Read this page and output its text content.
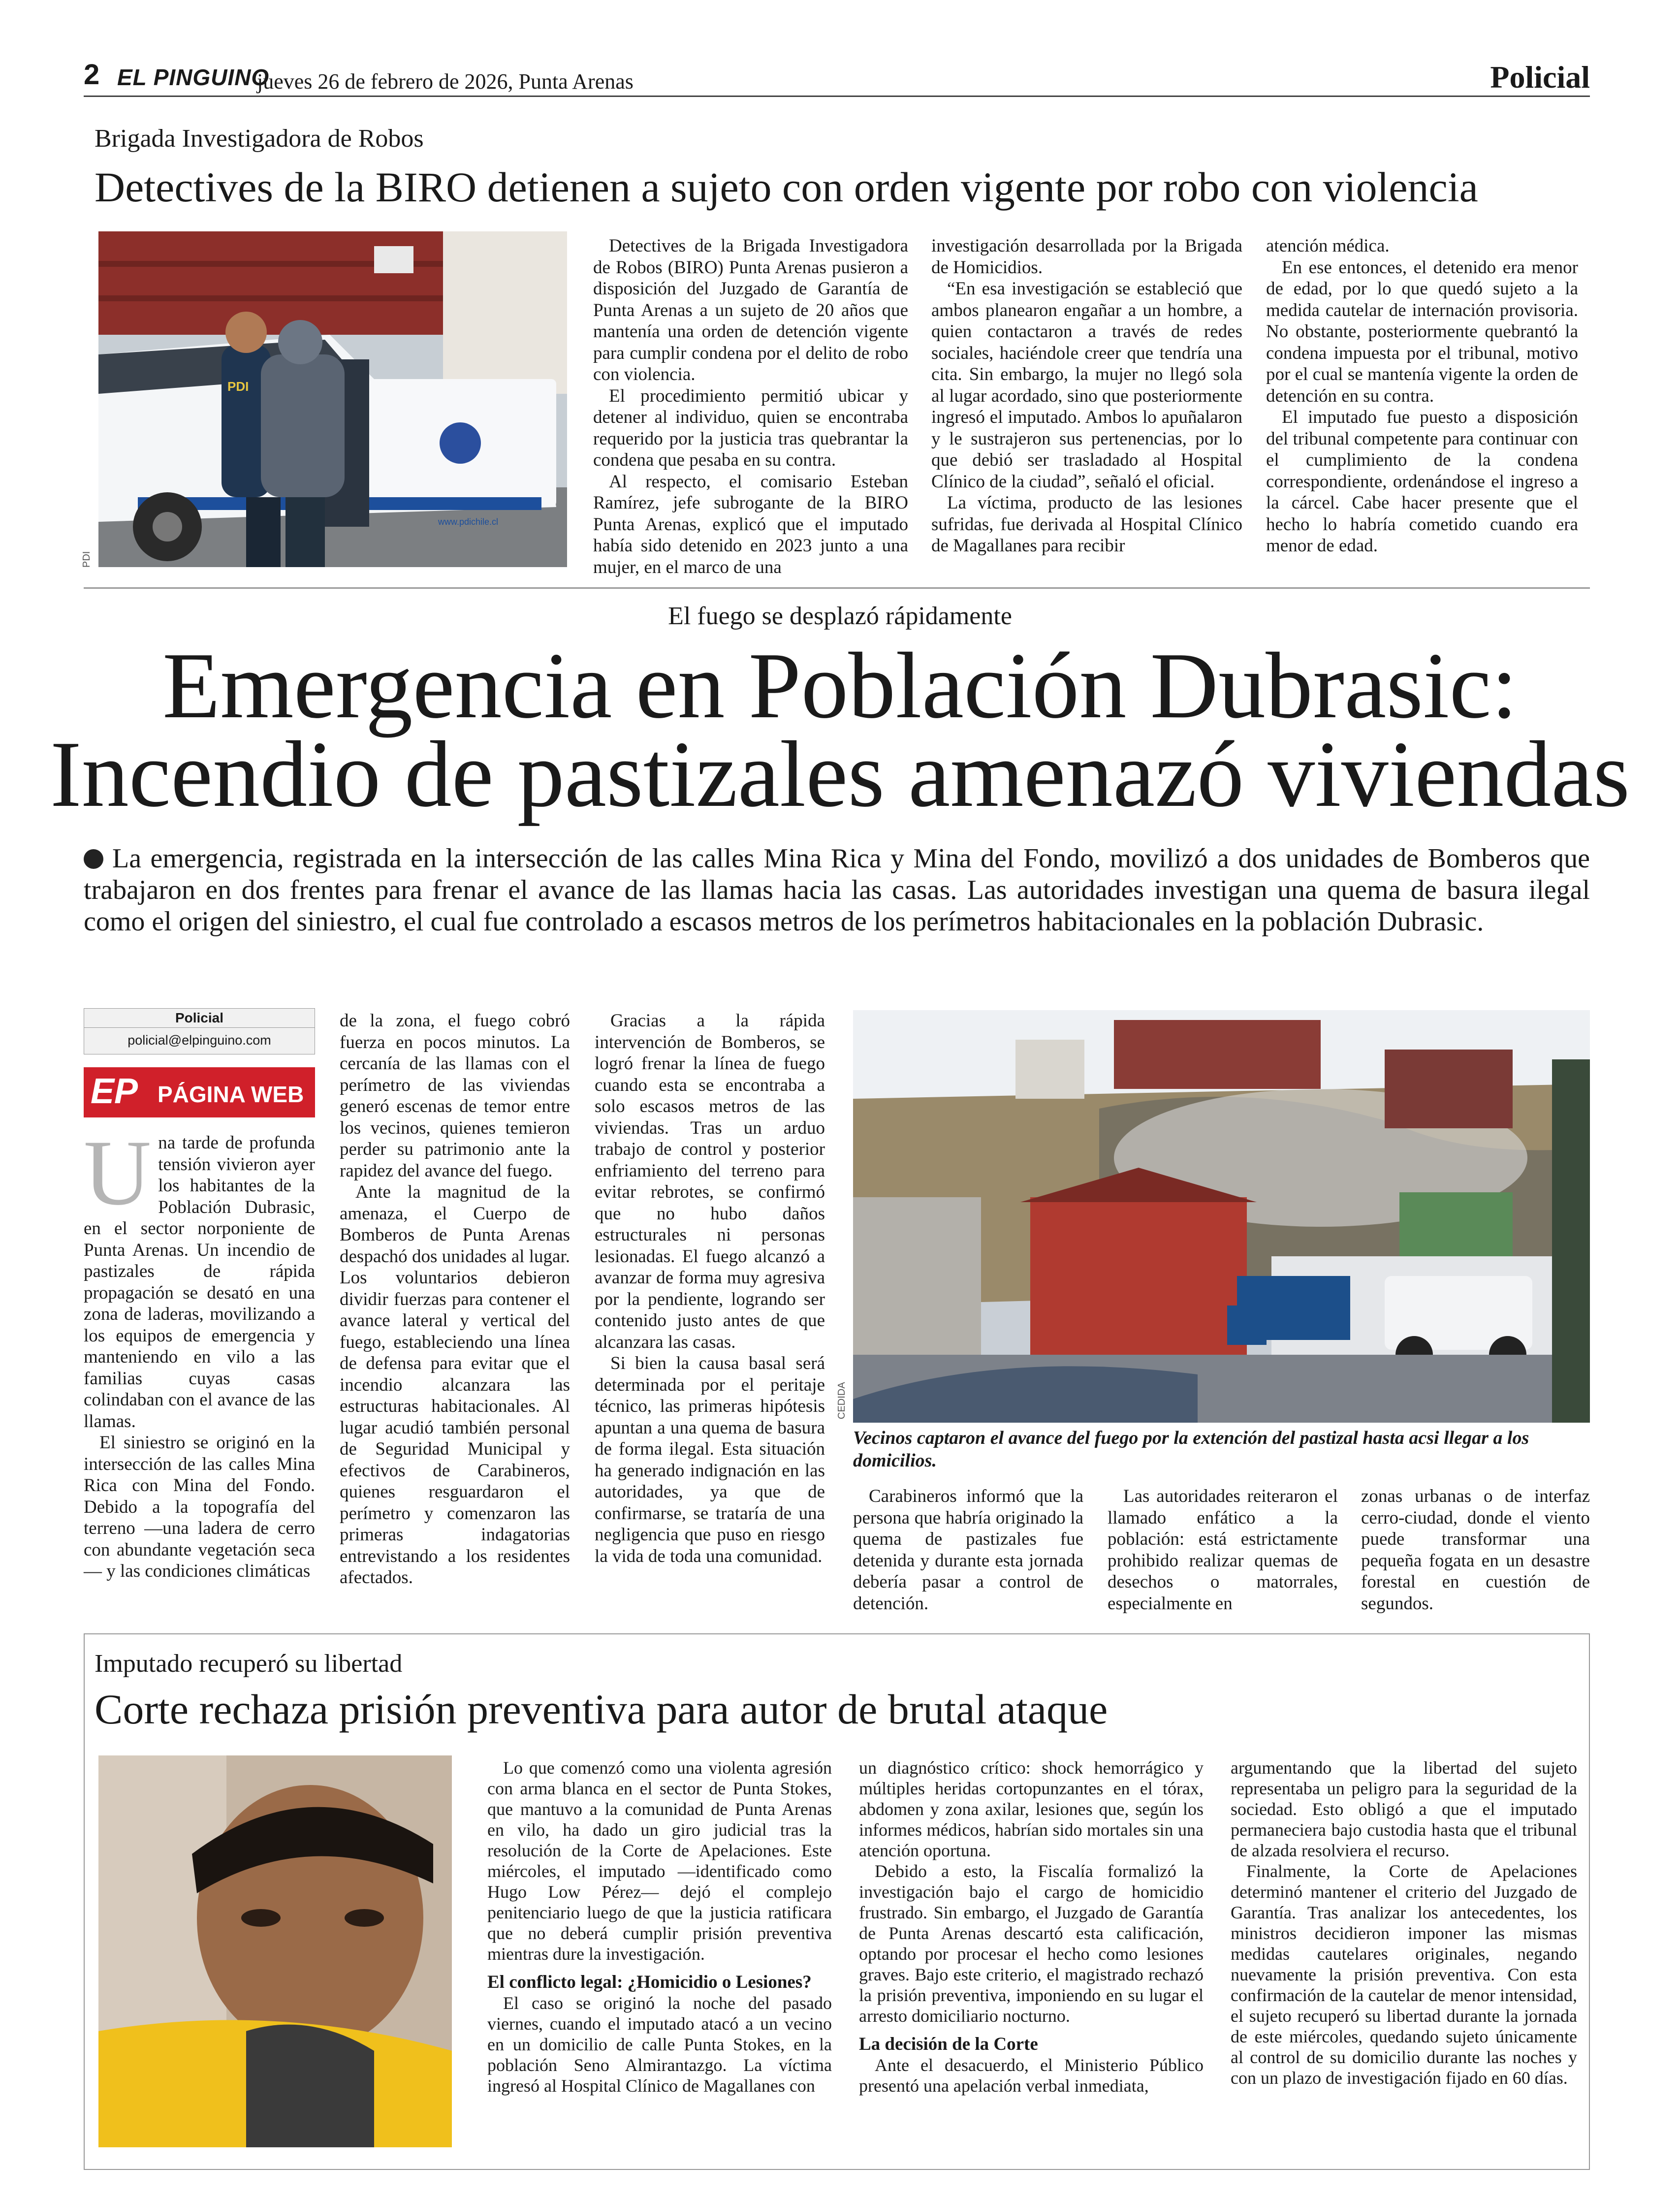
2 EL PINGUINO
jueves 26 de febrero de 2026, Punta Arenas	Policial
Brigada Investigadora de Robos
Detectives de la BIRO detienen a sujeto con orden vigente por robo con violencia
PDI
www.pdichile.cl
PDI

Detectives de la Brigada Investigadora de Robos (BIRO) Punta Arenas pusieron a disposición del Juzgado de Garantía de Punta Arenas a un sujeto de 20 años que mantenía una orden de detención vigente para cumplir condena por el delito de robo con violencia.

El procedimiento permitió ubicar y detener al individuo, quien se encontraba requerido por la justicia tras quebrantar la condena que pesaba en su contra.

Al respecto, el comisario Esteban Ramírez, jefe subrogante de la BIRO Punta Arenas, explicó que el imputado había sido detenido en 2023 junto a una mujer, en el marco de una

investigación desarrollada por la Brigada de Homicidios.

“En esa investigación se estableció que ambos planearon engañar a un hombre, a quien contactaron a través de redes sociales, haciéndole creer que tendría una cita. Sin embargo, la mujer no llegó sola al lugar acordado, sino que posteriormente ingresó el imputado. Ambos lo apuñalaron y le sustrajeron sus pertenencias, por lo que debió ser trasladado al Hospital Clínico de la ciudad”, señaló el oficial.

La víctima, producto de las lesiones sufridas, fue derivada al Hospital Clínico de Magallanes para recibir

atención médica.

En ese entonces, el detenido era menor de edad, por lo que quedó sujeto a la medida cautelar de internación provisoria. No obstante, posteriormente quebrantó la condena impuesta por el tribunal, motivo por el cual se mantenía vigente la orden de detención en su contra.

El imputado fue puesto a disposición del tribunal competente para continuar con el cumplimiento de la condena correspondiente, ordenándose el ingreso a la cárcel. Cabe hacer presente que el hecho lo habría cometido cuando era menor de edad.

El fuego se desplazó rápidamente
Emergencia en Población Dubrasic:
Incendio de pastizales amenazó viviendas
La emergencia, registrada en la intersección de las calles Mina Rica y Mina del Fondo, movilizó a dos unidades de Bomberos que trabajaron en dos frentes para frenar el avance de las llamas hacia las casas. Las autoridades investigan una quema de basura ilegal como el origen del siniestro, el cual fue controlado a escasos metros de los perímetros habitacionales en la población Dubrasic.
Policial
policial@elpinguino.com
EP PÁGINA WEB

Una tarde de profunda tensión vivieron ayer los habitantes de la Población Dubrasic, en el sector norponiente de Punta Arenas. Un incendio de pastizales de rápida propagación se desató en una zona de laderas, movilizando a los equipos de emergencia y manteniendo en vilo a las familias cuyas casas colindaban con el avance de las llamas.

El siniestro se originó en la intersección de las calles Mina Rica con Mina del Fondo. Debido a la topografía del terreno —una ladera de cerro con abundante vegetación seca— y las condiciones climáticas

de la zona, el fuego cobró fuerza en pocos minutos. La cercanía de las llamas con el perímetro de las viviendas generó escenas de temor entre los vecinos, quienes temieron perder su patrimonio ante la rapidez del avance del fuego.

Ante la magnitud de la amenaza, el Cuerpo de Bomberos de Punta Arenas despachó dos unidades al lugar. Los voluntarios debieron dividir fuerzas para contener el avance lateral y vertical del fuego, estableciendo una línea de defensa para evitar que el incendio alcanzara las estructuras habitacionales. Al lugar acudió también personal de Seguridad Municipal y efectivos de Carabineros, quienes resguardaron el perímetro y comenzaron las primeras indagatorias entrevistando a los residentes afectados.

Gracias a la rápida intervención de Bomberos, se logró frenar la línea de fuego cuando esta se encontraba a solo escasos metros de las viviendas. Tras un arduo trabajo de control y posterior enfriamiento del terreno para evitar rebrotes, se confirmó que no hubo daños estructurales ni personas lesionadas. El fuego alcanzó a avanzar de forma muy agresiva por la pendiente, logrando ser contenido justo antes de que alcanzara las casas.

Si bien la causa basal será determinada por el peritaje técnico, las primeras hipótesis apuntan a una quema de basura de forma ilegal. Esta situación ha generado indignación en las autoridades, ya que de confirmarse, se trataría de una negligencia que puso en riesgo la vida de toda una comunidad.

CEDIDA
Vecinos captaron el avance del fuego por la extención del pastizal hasta acsi llegar a los domicilios.

Carabineros informó que la persona que habría originado la quema de pastizales fue detenida y durante esta jornada debería pasar a control de detención.

Las autoridades reiteraron el llamado enfático a la población: está estrictamente prohibido realizar quemas de desechos o matorrales, especialmente en

zonas urbanas o de interfaz cerro-ciudad, donde el viento puede transformar una pequeña fogata en un desastre forestal en cuestión de segundos.

Imputado recuperó su libertad
Corte rechaza prisión preventiva para autor de brutal ataque

Lo que comenzó como una violenta agresión con arma blanca en el sector de Punta Stokes, que mantuvo a la comunidad de Punta Arenas en vilo, ha dado un giro judicial tras la resolución de la Corte de Apelaciones. Este miércoles, el imputado —identificado como Hugo Low Pérez— dejó el complejo penitenciario luego de que la justicia ratificara que no deberá cumplir prisión preventiva mientras dure la investigación.

El conflicto legal: ¿Homicidio o Lesiones?

El caso se originó la noche del pasado viernes, cuando el imputado atacó a un vecino en un domicilio de calle Punta Stokes, en la población Seno Almirantazgo. La víctima ingresó al Hospital Clínico de Magallanes con

un diagnóstico crítico: shock hemorrágico y múltiples heridas cortopunzantes en el tórax, abdomen y zona axilar, lesiones que, según los informes médicos, habrían sido mortales sin una atención oportuna.

Debido a esto, la Fiscalía formalizó la investigación bajo el cargo de homicidio frustrado. Sin embargo, el Juzgado de Garantía de Punta Arenas descartó esta calificación, optando por procesar el hecho como lesiones graves. Bajo este criterio, el magistrado rechazó la prisión preventiva, imponiendo en su lugar el arresto domiciliario nocturno.

La decisión de la Corte

Ante el desacuerdo, el Ministerio Público presentó una apelación verbal inmediata,

argumentando que la libertad del sujeto representaba un peligro para la seguridad de la sociedad. Esto obligó a que el imputado permaneciera bajo custodia hasta que el tribunal de alzada resolviera el recurso.

Finalmente, la Corte de Apelaciones determinó mantener el criterio del Juzgado de Garantía. Tras analizar los antecedentes, los ministros decidieron imponer las mismas medidas cautelares originales, negando nuevamente la prisión preventiva. Con esta confirmación de la cautelar de menor intensidad, el sujeto recuperó su libertad durante la jornada de este miércoles, quedando sujeto únicamente al control de su domicilio durante las noches y con un plazo de investigación fijado en 60 días.
